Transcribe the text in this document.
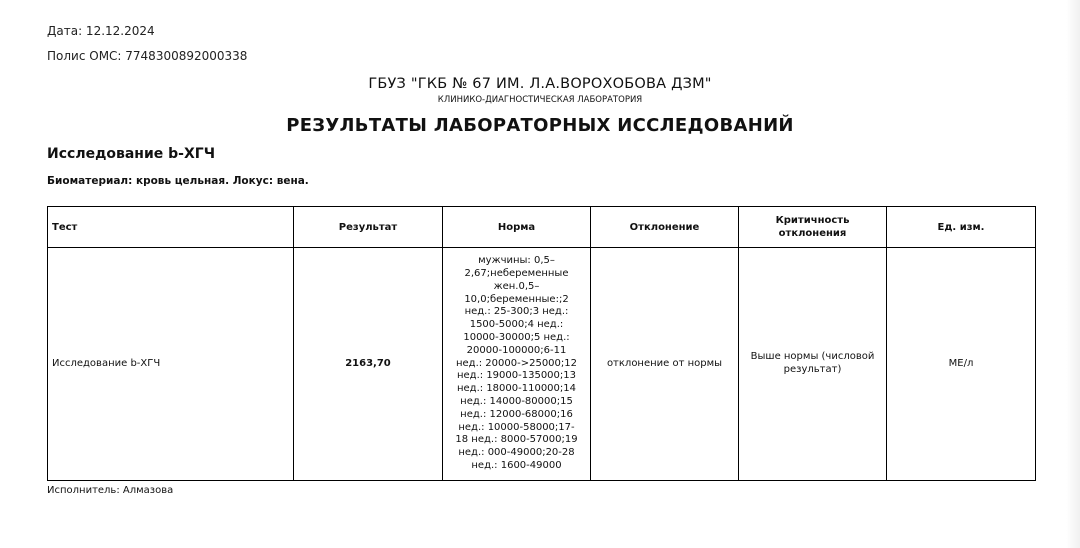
Дата: 12.12.2024
Полис ОМС: 7748300892000338
ГБУЗ "ГКБ № 67 ИМ. Л.А.ВОРОХОБОВА ДЗМ"
КЛИНИКО-ДИАГНОСТИЧЕСКАЯ ЛАБОРАТОРИЯ
РЕЗУЛЬТАТЫ ЛАБОРАТОРНЫХ ИССЛЕДОВАНИЙ
Исследование b-ХГЧ
Биоматериал: кровь цельная. Локус: вена.
Тест	Результат	Норма	Отклонение	Критичность отклонения	Ед. изм.
Исследование b-ХГЧ	2163,70	мужчины: 0,5–2,67;небеременные жен.0,5–10,0;беременные:;2 нед.: 25-300;3 нед.: 1500-5000;4 нед.: 10000-30000;5 нед.: 20000-100000;6-11 нед.: 20000->25000;12 нед.: 19000-135000;13 нед.: 18000-110000;14 нед.: 14000-80000;15 нед.: 12000-68000;16 нед.: 10000-58000;17-18 нед.: 8000-57000;19 нед.: 000-49000;20-28 нед.: 1600-49000	отклонение от нормы	Выше нормы (числовой результат)	МЕ/л
Исполнитель: Алмазова
